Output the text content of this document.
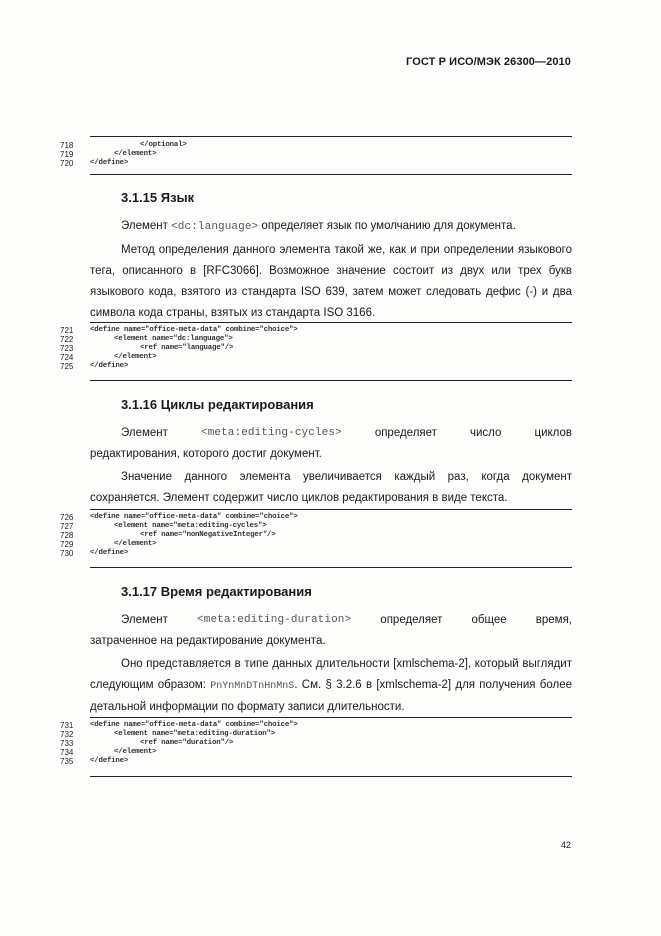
ГОСТ Р ИСО/МЭК 26300—2010
718	</optional>
719	</element>
720	</define>
3.1.15 Язык

Элемент <dc:language> определяет язык по умолчанию для документа.

Метод определения данного элемента такой же, как и при определении языкового тега, описанного в [RFC3066]. Возможное значение состоит из двух или трех букв языкового кода, взятого из стандарта ISO 639, затем может следовать дефис (-) и два символа кода страны, взятых из стандарта ISO 3166.

721	<define name="office-meta-data" combine="choice">
722	<element name="dc:language">
723	<ref name="language"/>
724	</element>
725	</define>
3.1.16 Циклы редактирования
Элемент	<meta:editing-cycles>	определяет	число	циклов
редактирования, которого достиг документ.

Значение данного элемента увеличивается каждый раз, когда документ сохраняется. Элемент содержит число циклов редактирования в виде текста.

726	<define name="office-meta-data" combine="choice">
727	<element name="meta:editing-cycles">
728	<ref name="nonNegativeInteger"/>
729	</element>
730	</define>
3.1.17 Время редактирования
Элемент	<meta:editing-duration>	определяет	общее	время,
затраченное на редактирование документа.

Оно представляется в типе данных длительности [xmlschema-2], который выглядит следующим образом: PnYnMnDTnHnMnS. См. § 3.2.6 в [xmlschema-2] для получения более детальной информации по формату записи длительности.

731	<define name="office-meta-data" combine="choice">
732	<element name="meta:editing-duration">
733	<ref name="duration"/>
734	</element>
735	</define>
42
